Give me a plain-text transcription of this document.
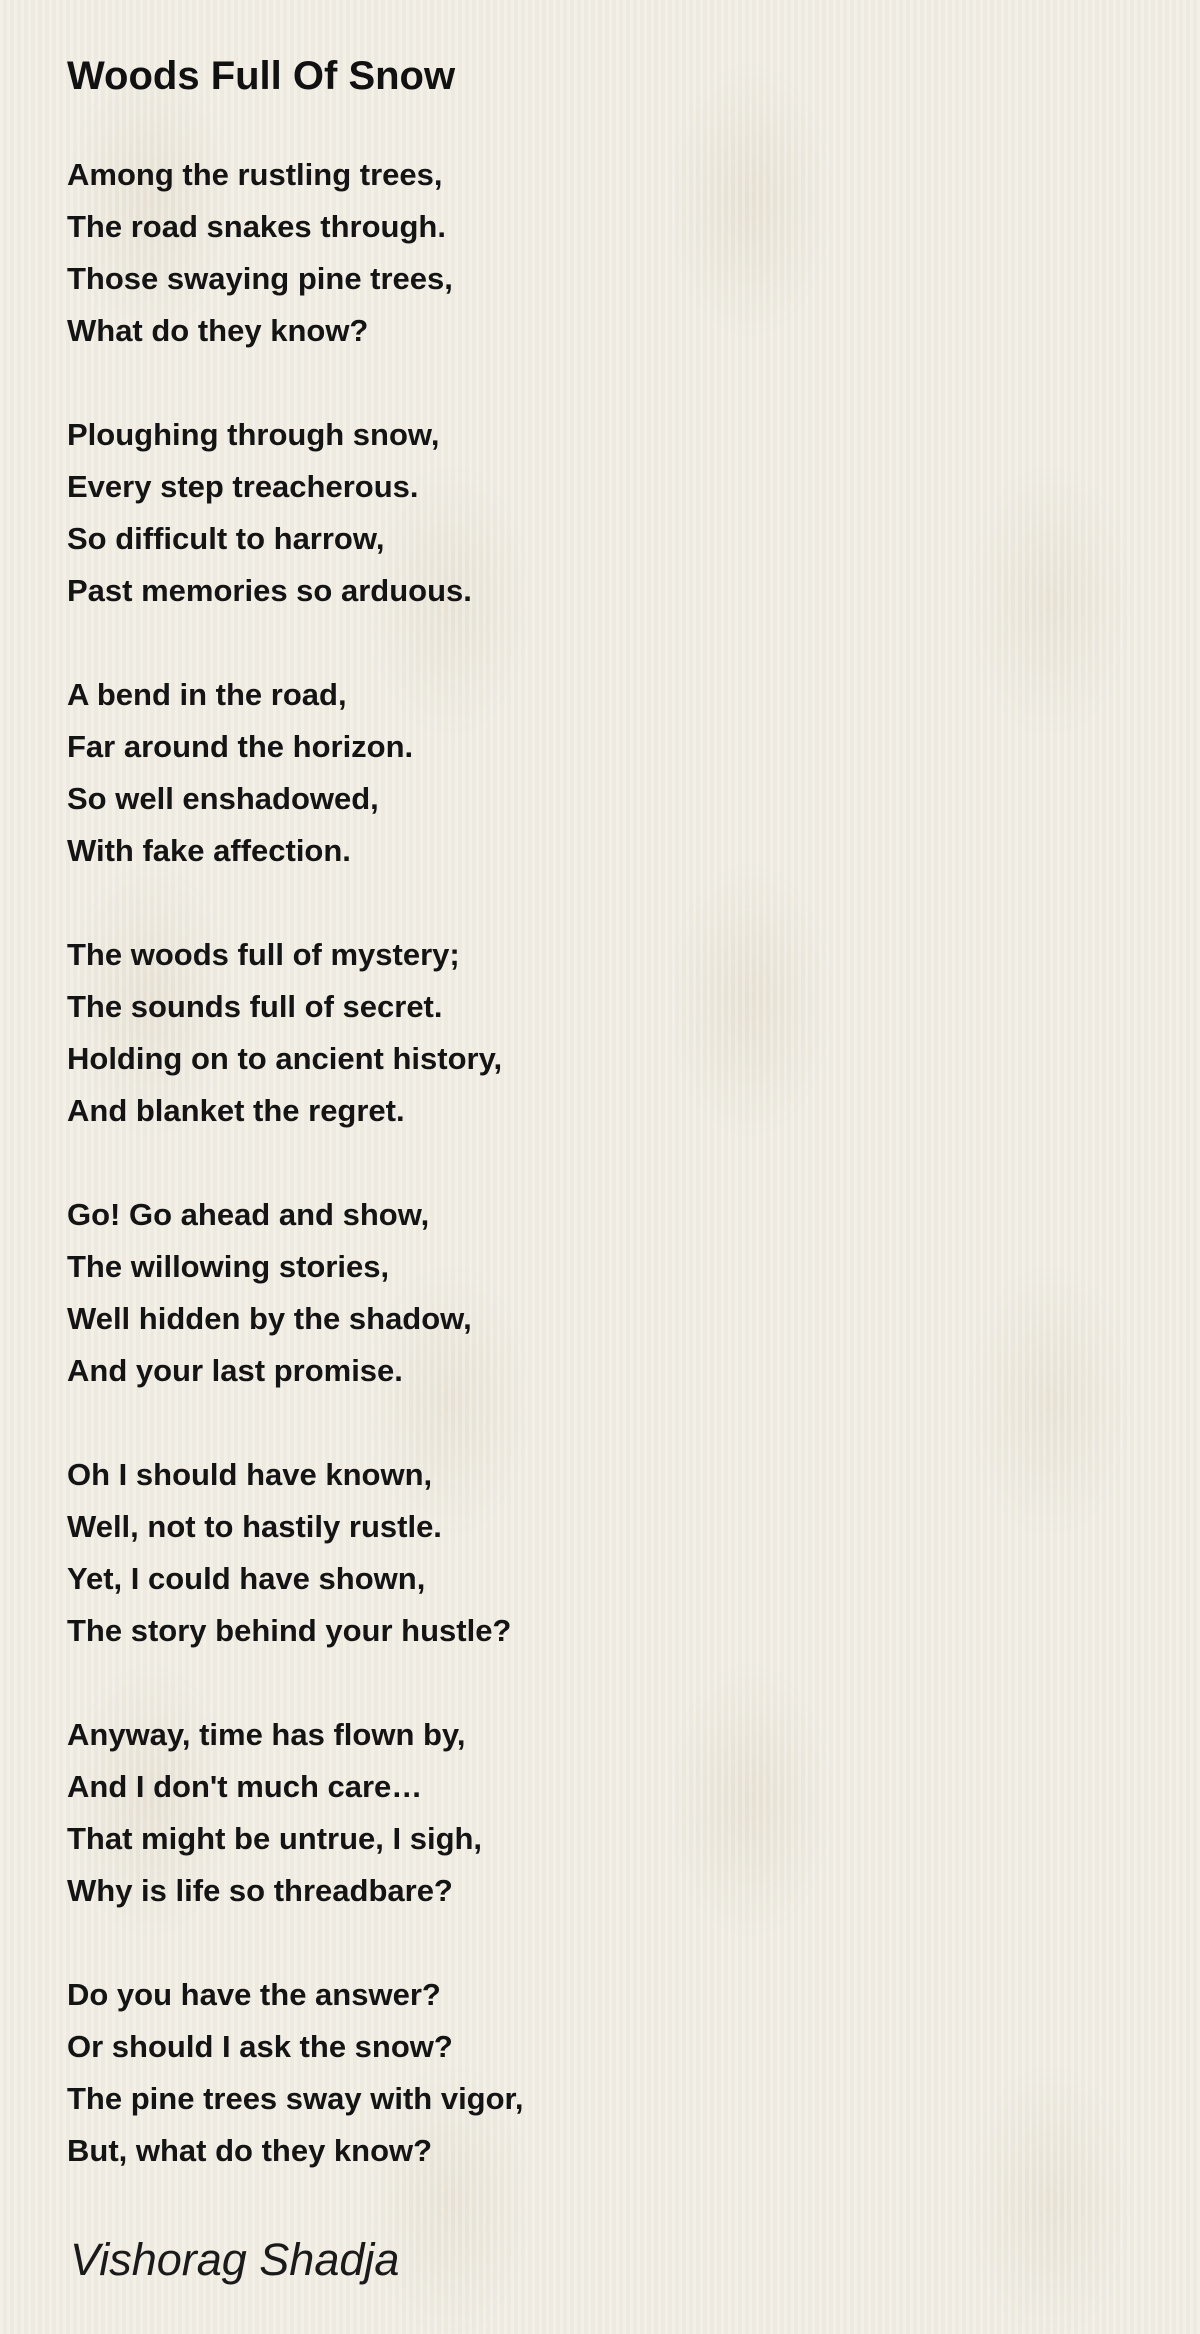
Woods Full Of Snow
Among the rustling trees,
The road snakes through.
Those swaying pine trees,
What do they know?
Ploughing through snow,
Every step treacherous.
So difficult to harrow,
Past memories so arduous.
A bend in the road,
Far around the horizon.
So well enshadowed,
With fake affection.
The woods full of mystery;
The sounds full of secret.
Holding on to ancient history,
And blanket the regret.
Go! Go ahead and show,
The willowing stories,
Well hidden by the shadow,
And your last promise.
Oh I should have known,
Well, not to hastily rustle.
Yet, I could have shown,
The story behind your hustle?
Anyway, time has flown by,
And I don't much care…
That might be untrue, I sigh,
Why is life so threadbare?
Do you have the answer?
Or should I ask the snow?
The pine trees sway with vigor,
But, what do they know?

Vishorag Shadja
